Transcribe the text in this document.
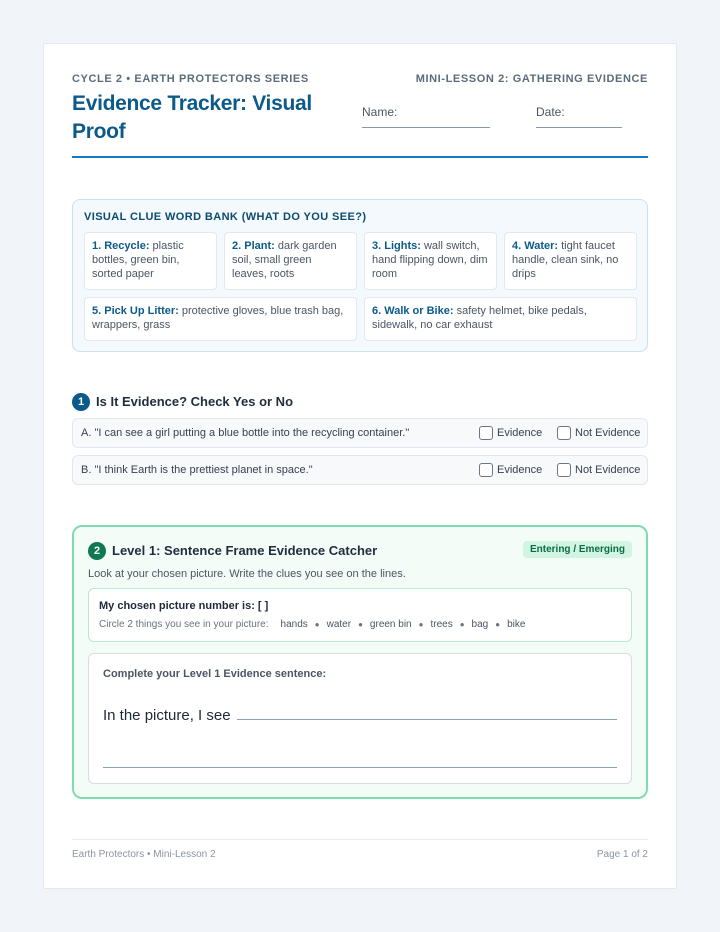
CYCLE 2 • EARTH PROTECTORS SERIES	MINI-LESSON 2: GATHERING EVIDENCE
Evidence Tracker: Visual Proof
Name:	Date:
VISUAL CLUE WORD BANK (WHAT DO YOU SEE?)
1. Recycle: plastic bottles, green bin, sorted paper
2. Plant: dark garden soil, small green leaves, roots
3. Lights: wall switch, hand flipping down, dim room
4. Water: tight faucet handle, clean sink, no drips
5. Pick Up Litter: protective gloves, blue trash bag, wrappers, grass
6. Walk or Bike: safety helmet, bike pedals, sidewalk, no car exhaust
1 Is It Evidence? Check Yes or No
A. "I can see a girl putting a blue bottle into the recycling container."	Evidence	Not Evidence
B. "I think Earth is the prettiest planet in space."	Evidence	Not Evidence
2 Level 1: Sentence Frame Evidence Catcher	Entering / Emerging
Look at your chosen picture. Write the clues you see on the lines.
My chosen picture number is: [ ]
Circle 2 things you see in your picture: hands ● water ● green bin ● trees ● bag ● bike
Complete your Level 1 Evidence sentence:
In the picture, I see
Earth Protectors • Mini-Lesson 2	Page 1 of 2
